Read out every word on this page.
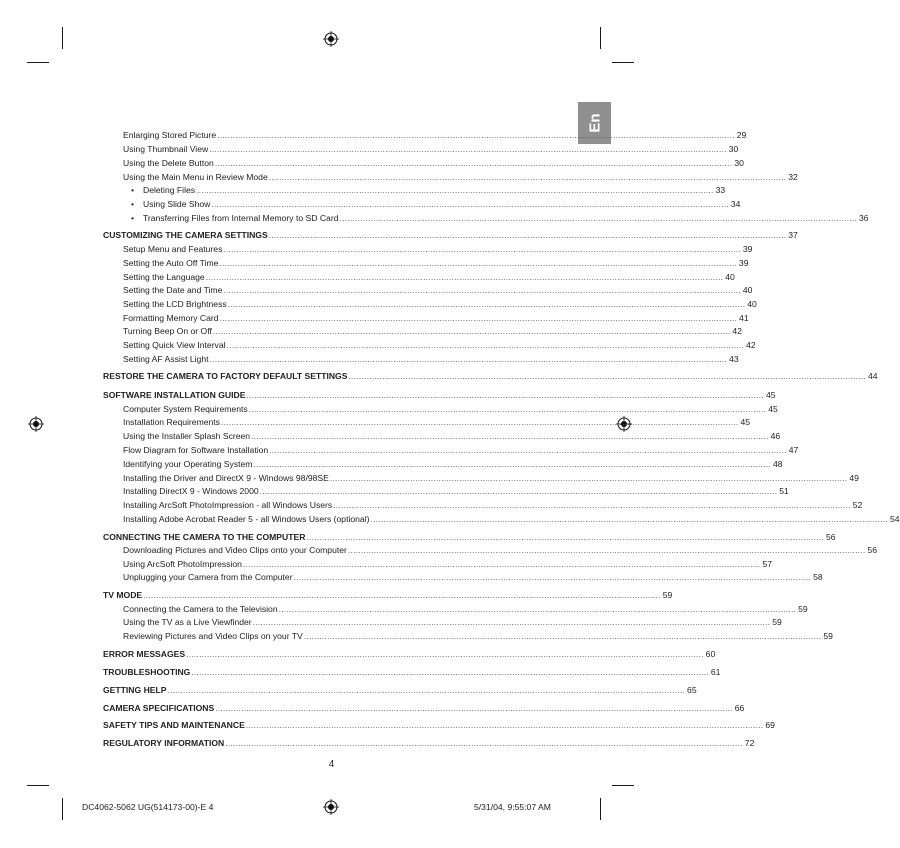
En
Enlarging Stored Picture ........................................................................................................................................................................................................ 29
Using Thumbnail View ........................................................................................................................................................................................................ 30
Using the Delete Button ........................................................................................................................................................................................................ 30
Using the Main Menu in Review Mode ........................................................................................................................................................................................................ 32
• Deleting Files ........................................................................................................................................................................................................ 33
• Using Slide Show ........................................................................................................................................................................................................ 34
• Transferring Files from Internal Memory to SD Card ........................................................................................................................................................................................................ 36
CUSTOMIZING THE CAMERA SETTINGS ........................................................................................................................................................................................................ 37
Setup Menu and Features ........................................................................................................................................................................................................ 39
Setting the Auto Off Time ........................................................................................................................................................................................................ 39
Setting the Language ........................................................................................................................................................................................................ 40
Setting the Date and Time ........................................................................................................................................................................................................ 40
Setting the LCD Brightness ........................................................................................................................................................................................................ 40
Formatting Memory Card ........................................................................................................................................................................................................ 41
Turning Beep On or Off ........................................................................................................................................................................................................ 42
Setting Quick View Interval ........................................................................................................................................................................................................ 42
Setting AF Assist Light ........................................................................................................................................................................................................ 43
RESTORE THE CAMERA TO FACTORY DEFAULT SETTINGS ........................................................................................................................................................................................................ 44
SOFTWARE INSTALLATION GUIDE ........................................................................................................................................................................................................ 45
Computer System Requirements ........................................................................................................................................................................................................ 45
Installation Requirements ........................................................................................................................................................................................................ 45
Using the Installer Splash Screen ........................................................................................................................................................................................................ 46
Flow Diagram for Software Installation ........................................................................................................................................................................................................ 47
Identifying your Operating System ........................................................................................................................................................................................................ 48
Installing the Driver and DirectX 9 - Windows 98/98SE ........................................................................................................................................................................................................ 49
Installing DirectX 9 - Windows 2000 ........................................................................................................................................................................................................ 51
Installing ArcSoft PhotoImpression - all Windows Users ........................................................................................................................................................................................................ 52
Installing Adobe Acrobat Reader 5 - all Windows Users (optional) ........................................................................................................................................................................................................ 54
CONNECTING THE CAMERA TO THE COMPUTER ........................................................................................................................................................................................................ 56
Downloading Pictures and Video Clips onto your Computer ........................................................................................................................................................................................................ 56
Using ArcSoft PhotoImpression ........................................................................................................................................................................................................ 57
Unplugging your Camera from the Computer ........................................................................................................................................................................................................ 58
TV MODE ........................................................................................................................................................................................................ 59
Connecting the Camera to the Television ........................................................................................................................................................................................................ 59
Using the TV as a Live Viewfinder ........................................................................................................................................................................................................ 59
Reviewing Pictures and Video Clips on your TV ........................................................................................................................................................................................................ 59
ERROR MESSAGES ........................................................................................................................................................................................................ 60
TROUBLESHOOTING ........................................................................................................................................................................................................ 61
GETTING HELP ........................................................................................................................................................................................................ 65
CAMERA SPECIFICATIONS ........................................................................................................................................................................................................ 66
SAFETY TIPS AND MAINTENANCE ........................................................................................................................................................................................................ 69
REGULATORY INFORMATION ........................................................................................................................................................................................................ 72
4
DC4062-5062 UG(514173-00)-E 4	5/31/04, 9:55:07 AM
